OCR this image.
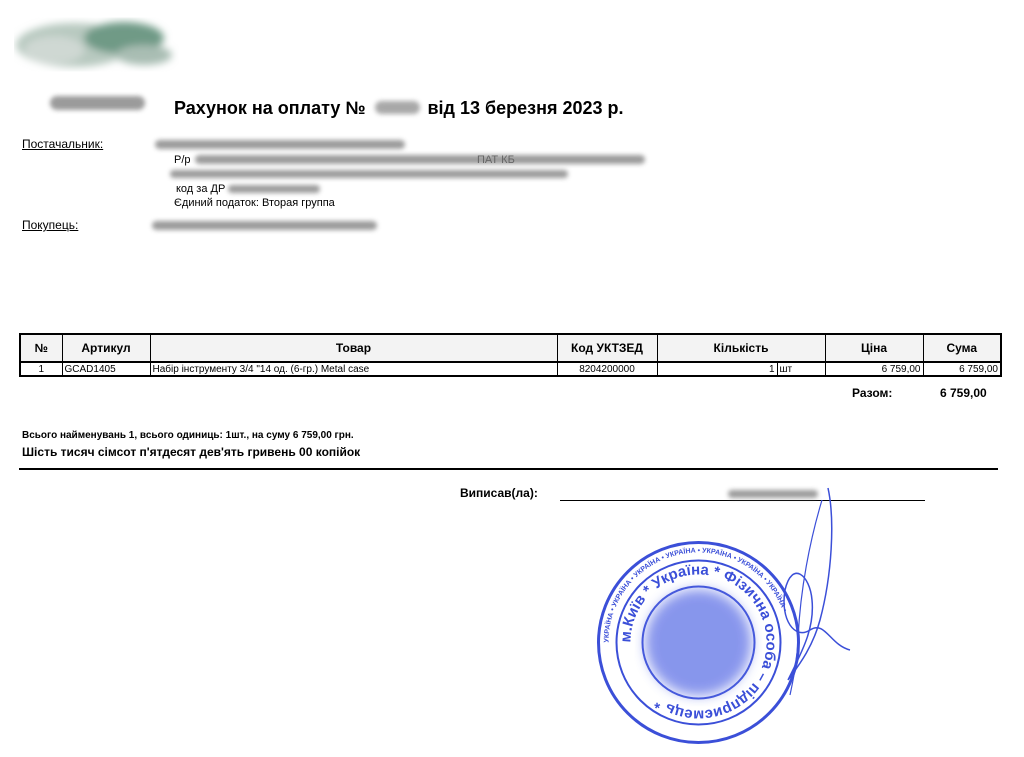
Рахунок на оплату №	від 13 березня 2023 р.
Постачальник:
Р/р	ПАТ КБ
код за ДР
Єдиний податок: Вторая группа
Покупець:
№	Артикул	Товар	Код УКТЗЕД	Кількість		Ціна	Сума
1	GCAD1405	Набір інструменту 3/4 "14 од. (6-гр.) Metal case	8204200000	1	шт	6 759,00	6 759,00
Разом:	6 759,00
Всього найменувань 1, всього одиниць: 1шт., на суму 6 759,00 грн.
Шість тисяч сімсот п'ятдесят дев'ять гривень 00 копійок
Виписав(ла):
УКРАЇНА • УКРАЇНА • УКРАЇНА • УКРАЇНА • УКРАЇНА • УКРАЇНА • УКРАЇНА •
м.Київ * Україна * Фізична особа – підприємець *
